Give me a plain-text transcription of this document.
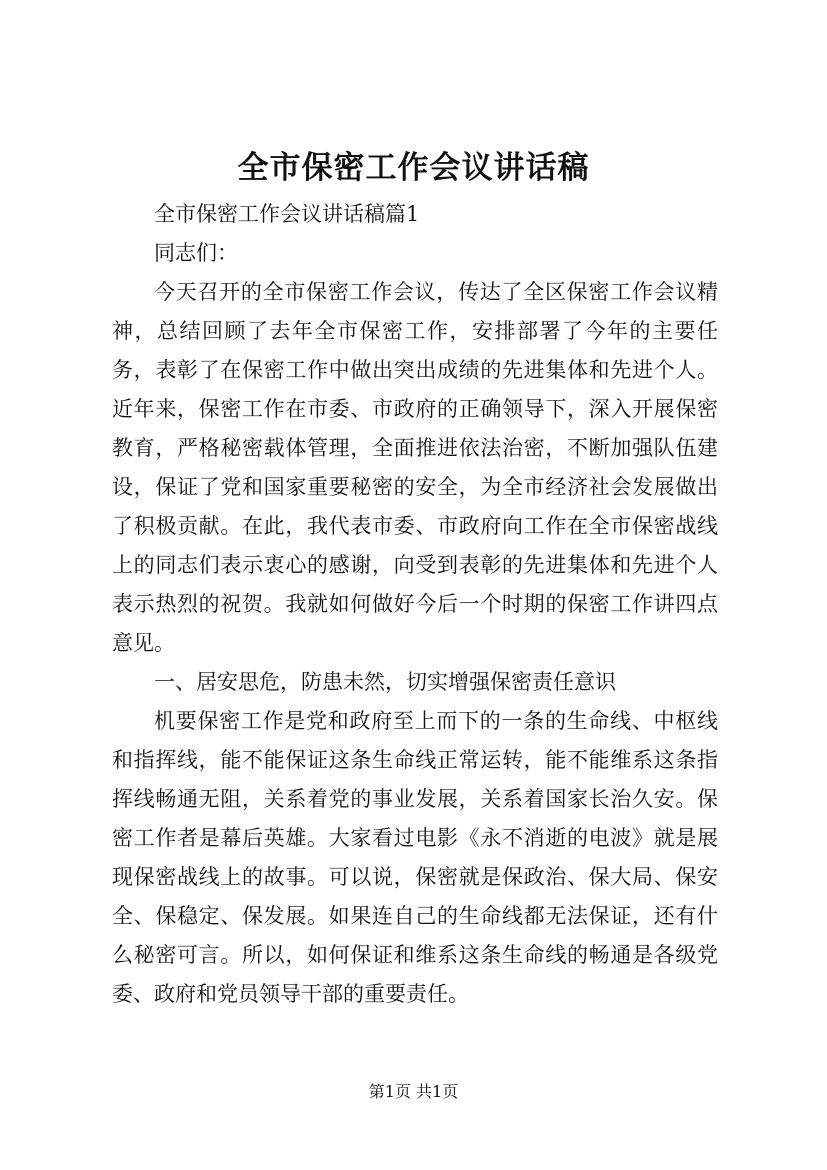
全市保密工作会议讲话稿

全市保密工作会议讲话稿篇1

同志们：

今天召开的全市保密工作会议，传达了全区保密工作会议精神，总结回顾了去年全市保密工作，安排部署了今年的主要任务，表彰了在保密工作中做出突出成绩的先进集体和先进个人。近年来，保密工作在市委、市政府的正确领导下，深入开展保密教育，严格秘密载体管理，全面推进依法治密，不断加强队伍建设，保证了党和国家重要秘密的安全，为全市经济社会发展做出了积极贡献。在此，我代表市委、市政府向工作在全市保密战线上的同志们表示衷心的感谢，向受到表彰的先进集体和先进个人表示热烈的祝贺。我就如何做好今后一个时期的保密工作讲四点意见。

一、居安思危，防患未然，切实增强保密责任意识

机要保密工作是党和政府至上而下的一条的生命线、中枢线和指挥线，能不能保证这条生命线正常运转，能不能维系这条指挥线畅通无阻，关系着党的事业发展，关系着国家长治久安。保密工作者是幕后英雄。大家看过电影《永不消逝的电波》就是展现保密战线上的故事。可以说，保密就是保政治、保大局、保安全、保稳定、保发展。如果连自己的生命线都无法保证，还有什么秘密可言。所以，如何保证和维系这条生命线的畅通是各级党委、政府和党员领导干部的重要责任。

第1页 共1页
